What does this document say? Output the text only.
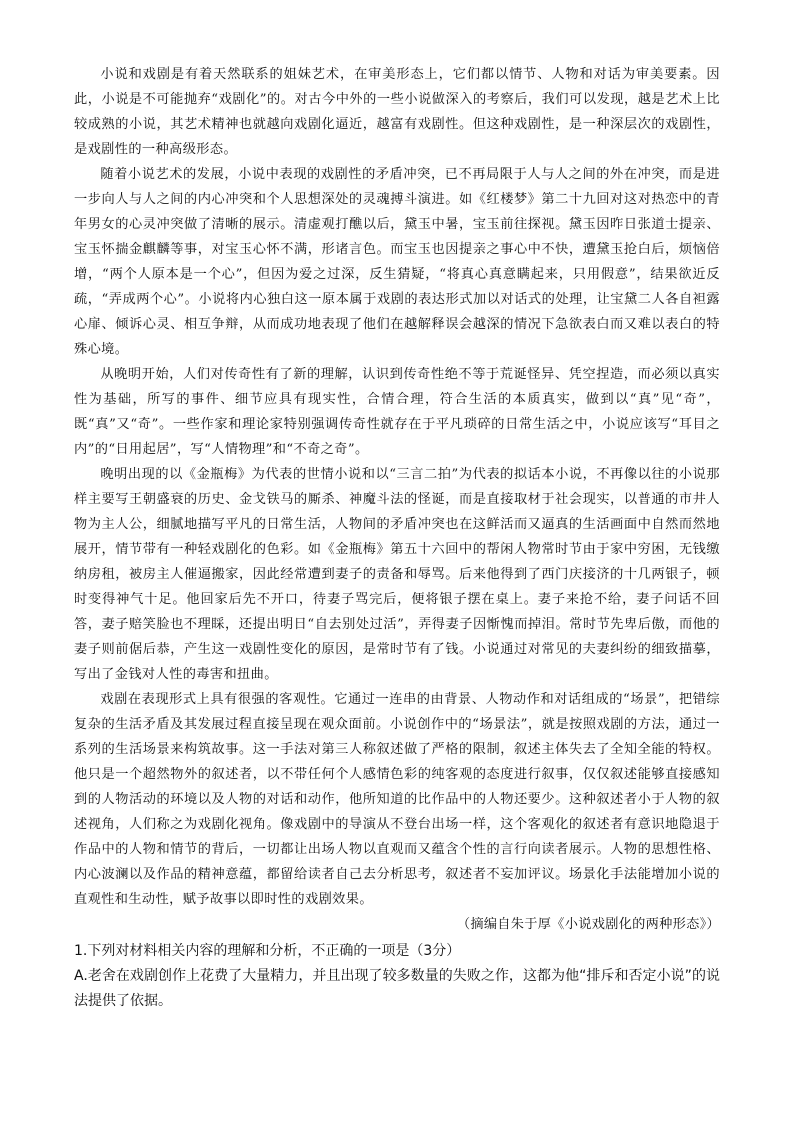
小说和戏剧是有着天然联系的姐妹艺术，在审美形态上，它们都以情节、人物和对话为审美要素。因此，小说是不可能抛弃“戏剧化”的。对古今中外的一些小说做深入的考察后，我们可以发现，越是艺术上比较成熟的小说，其艺术精神也就越向戏剧化逼近，越富有戏剧性。但这种戏剧性，是一种深层次的戏剧性，是戏剧性的一种高级形态。

随着小说艺术的发展，小说中表现的戏剧性的矛盾冲突，已不再局限于人与人之间的外在冲突，而是进一步向人与人之间的内心冲突和个人思想深处的灵魂搏斗演进。如《红楼梦》第二十九回对这对热恋中的青年男女的心灵冲突做了清晰的展示。清虚观打醮以后，黛玉中暑，宝玉前往探视。黛玉因昨日张道士提亲、宝玉怀揣金麒麟等事，对宝玉心怀不满，形诸言色。而宝玉也因提亲之事心中不快，遭黛玉抢白后，烦恼倍增，“两个人原本是一个心”，但因为爱之过深，反生猜疑，“将真心真意瞒起来，只用假意”，结果欲近反疏，“弄成两个心”。小说将内心独白这一原本属于戏剧的表达形式加以对话式的处理，让宝黛二人各自袒露心扉、倾诉心灵、相互争辩，从而成功地表现了他们在越解释误会越深的情况下急欲表白而又难以表白的特殊心境。

从晚明开始，人们对传奇性有了新的理解，认识到传奇性绝不等于荒诞怪异、凭空捏造，而必须以真实性为基础，所写的事件、细节应具有现实性，合情合理，符合生活的本质真实，做到以“真”见“奇”，既“真”又“奇”。一些作家和理论家特别强调传奇性就存在于平凡琐碎的日常生活之中，小说应该写“耳目之内”的“日用起居”，写“人情物理”和“不奇之奇”。

晚明出现的以《金瓶梅》为代表的世情小说和以“三言二拍”为代表的拟话本小说，不再像以往的小说那样主要写王朝盛衰的历史、金戈铁马的厮杀、神魔斗法的怪诞，而是直接取材于社会现实，以普通的市井人物为主人公，细腻地描写平凡的日常生活，人物间的矛盾冲突也在这鲜活而又逼真的生活画面中自然而然地展开，情节带有一种轻戏剧化的色彩。如《金瓶梅》第五十六回中的帮闲人物常时节由于家中穷困，无钱缴纳房租，被房主人催逼搬家，因此经常遭到妻子的责备和辱骂。后来他得到了西门庆接济的十几两银子，顿时变得神气十足。他回家后先不开口，待妻子骂完后，便将银子摆在桌上。妻子来抢不给，妻子问话不回答，妻子赔笑脸也不理睬，还提出明日“自去别处过活”，弄得妻子因惭愧而掉泪。常时节先卑后傲，而他的妻子则前倨后恭，产生这一戏剧性变化的原因，是常时节有了钱。小说通过对常见的夫妻纠纷的细致描摹，写出了金钱对人性的毒害和扭曲。

戏剧在表现形式上具有很强的客观性。它通过一连串的由背景、人物动作和对话组成的“场景”，把错综复杂的生活矛盾及其发展过程直接呈现在观众面前。小说创作中的“场景法”，就是按照戏剧的方法，通过一系列的生活场景来构筑故事。这一手法对第三人称叙述做了严格的限制，叙述主体失去了全知全能的特权。他只是一个超然物外的叙述者，以不带任何个人感情色彩的纯客观的态度进行叙事，仅仅叙述能够直接感知到的人物活动的环境以及人物的对话和动作，他所知道的比作品中的人物还要少。这种叙述者小于人物的叙述视角，人们称之为戏剧化视角。像戏剧中的导演从不登台出场一样，这个客观化的叙述者有意识地隐退于作品中的人物和情节的背后，一切都让出场人物以直观而又蕴含个性的言行向读者展示。人物的思想性格、内心波澜以及作品的精神意蕴，都留给读者自己去分析思考，叙述者不妄加评议。场景化手法能增加小说的直观性和生动性，赋予故事以即时性的戏剧效果。

（摘编自朱于厚《小说戏剧化的两种形态》）

1.下列对材料相关内容的理解和分析，不正确的一项是（3分）

A.老舍在戏剧创作上花费了大量精力，并且出现了较多数量的失败之作，这都为他“排斥和否定小说”的说法提供了依据。
